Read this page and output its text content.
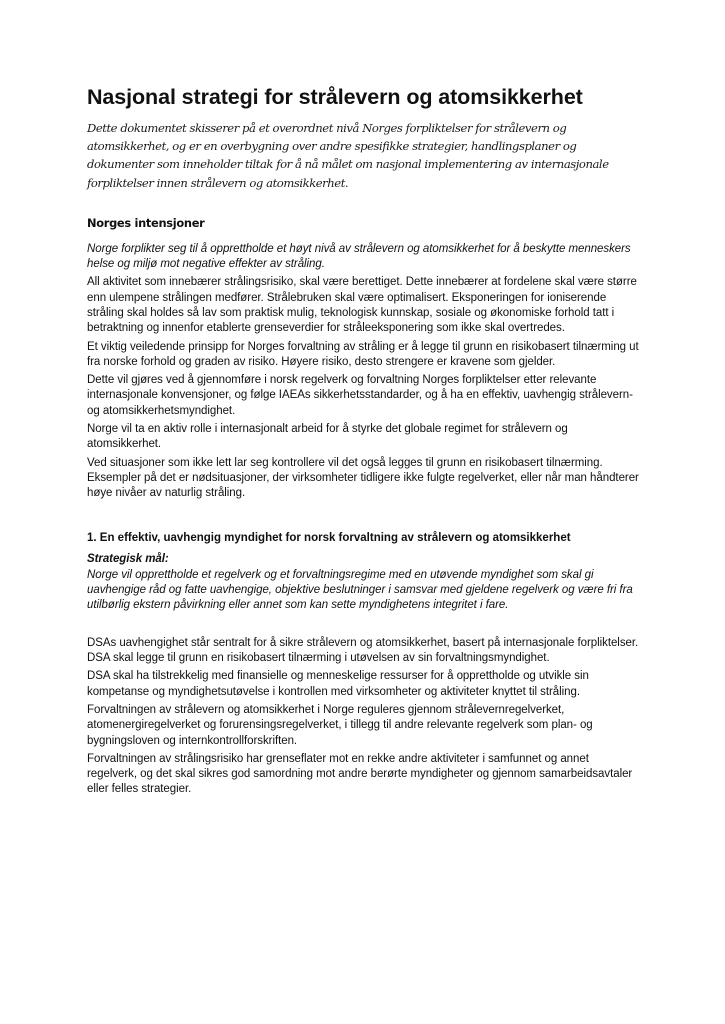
Nasjonal strategi for strålevern og atomsikkerhet

Dette dokumentet skisserer på et overordnet nivå Norges forpliktelser for strålevern og atomsikkerhet, og er en overbygning over andre spesifikke strategier, handlingsplaner og dokumenter som inneholder tiltak for å nå målet om nasjonal implementering av internasjonale forpliktelser innen strålevern og atomsikkerhet.

Norges intensjoner

Norge forplikter seg til å opprettholde et høyt nivå av strålevern og atomsikkerhet for å beskytte menneskers helse og miljø mot negative effekter av stråling.

All aktivitet som innebærer strålingsrisiko, skal være berettiget. Dette innebærer at fordelene skal være større enn ulempene strålingen medfører. Strålebruken skal være optimalisert. Eksponeringen for ioniserende stråling skal holdes så lav som praktisk mulig, teknologisk kunnskap, sosiale og økonomiske forhold tatt i betraktning og innenfor etablerte grenseverdier for stråleeksponering som ikke skal overtredes.

Et viktig veiledende prinsipp for Norges forvaltning av stråling er å legge til grunn en risikobasert tilnærming ut fra norske forhold og graden av risiko. Høyere risiko, desto strengere er kravene som gjelder.

Dette vil gjøres ved å gjennomføre i norsk regelverk og forvaltning Norges forpliktelser etter relevante internasjonale konvensjoner, og følge IAEAs sikkerhetsstandarder, og å ha en effektiv, uavhengig strålevern- og atomsikkerhetsmyndighet.

Norge vil ta en aktiv rolle i internasjonalt arbeid for å styrke det globale regimet for strålevern og atomsikkerhet.

Ved situasjoner som ikke lett lar seg kontrollere vil det også legges til grunn en risikobasert tilnærming. Eksempler på det er nødsituasjoner, der virksomheter tidligere ikke fulgte regelverket, eller når man håndterer høye nivåer av naturlig stråling.

1. En effektiv, uavhengig myndighet for norsk forvaltning av strålevern og atomsikkerhet

Strategisk mål:

Norge vil opprettholde et regelverk og et forvaltningsregime med en utøvende myndighet som skal gi uavhengige råd og fatte uavhengige, objektive beslutninger i samsvar med gjeldene regelverk og være fri fra utilbørlig ekstern påvirkning eller annet som kan sette myndighetens integritet i fare.

DSAs uavhengighet står sentralt for å sikre strålevern og atomsikkerhet, basert på internasjonale forpliktelser. DSA skal legge til grunn en risikobasert tilnærming i utøvelsen av sin forvaltningsmyndighet.

DSA skal ha tilstrekkelig med finansielle og menneskelige ressurser for å opprettholde og utvikle sin kompetanse og myndighetsutøvelse i kontrollen med virksomheter og aktiviteter knyttet til stråling.

Forvaltningen av strålevern og atomsikkerhet i Norge reguleres gjennom strålevernregelverket, atomenergiregelverket og forurensingsregelverket, i tillegg til andre relevante regelverk som plan- og bygningsloven og internkontrollforskriften.

Forvaltningen av strålingsrisiko har grenseflater mot en rekke andre aktiviteter i samfunnet og annet regelverk, og det skal sikres god samordning mot andre berørte myndigheter og gjennom samarbeidsavtaler eller felles strategier.
